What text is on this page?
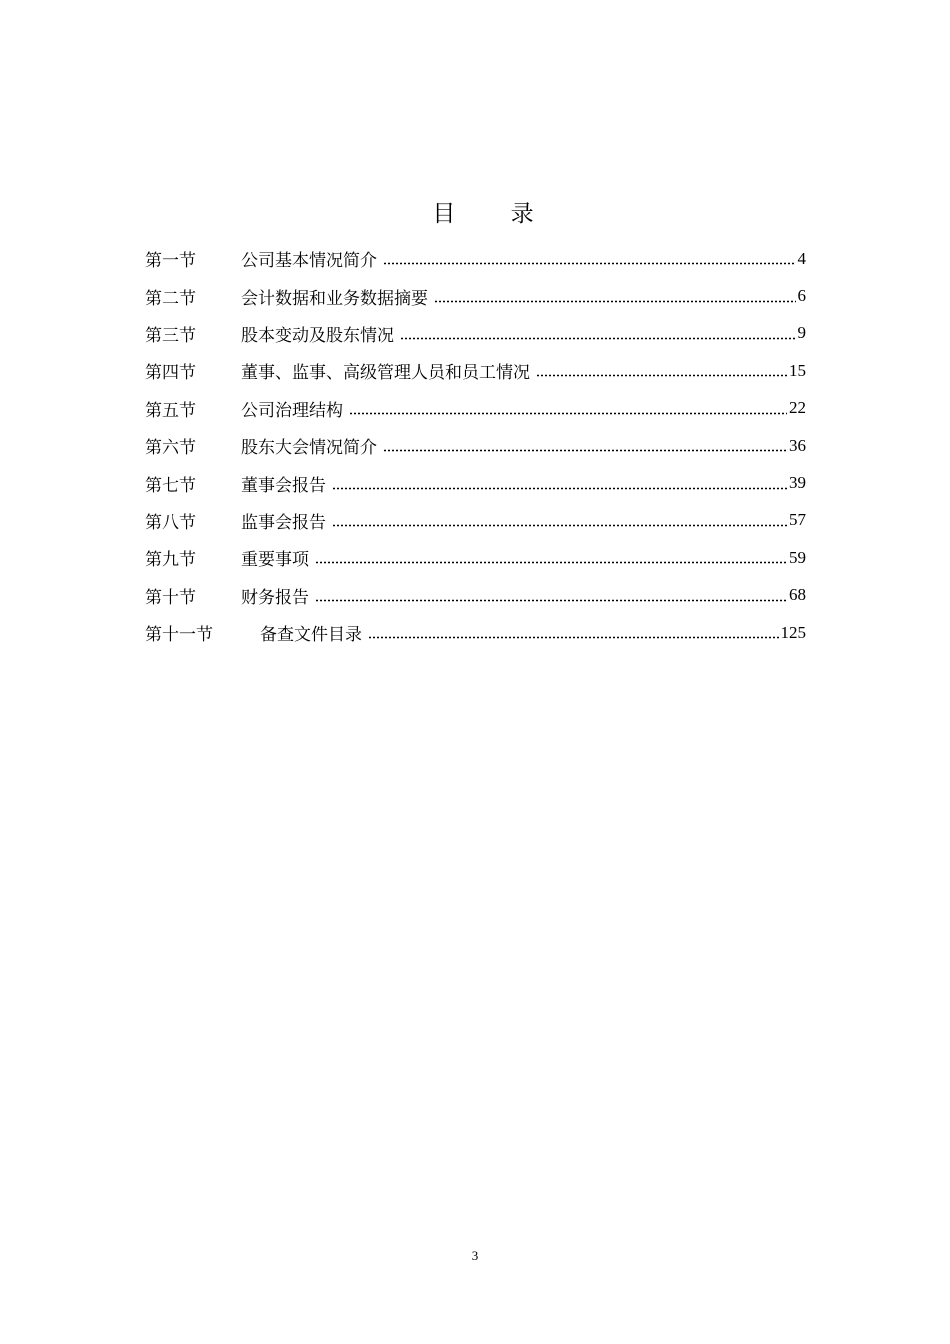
目 录
第一节	公司基本情况简介	4
第二节	会计数据和业务数据摘要	6
第三节	股本变动及股东情况	9
第四节	董事、监事、高级管理人员和员工情况	15
第五节	公司治理结构	22
第六节	股东大会情况简介	36
第七节	董事会报告	39
第八节	监事会报告	57
第九节	重要事项	59
第十节	财务报告	68
第十一节	备查文件目录	125
3
